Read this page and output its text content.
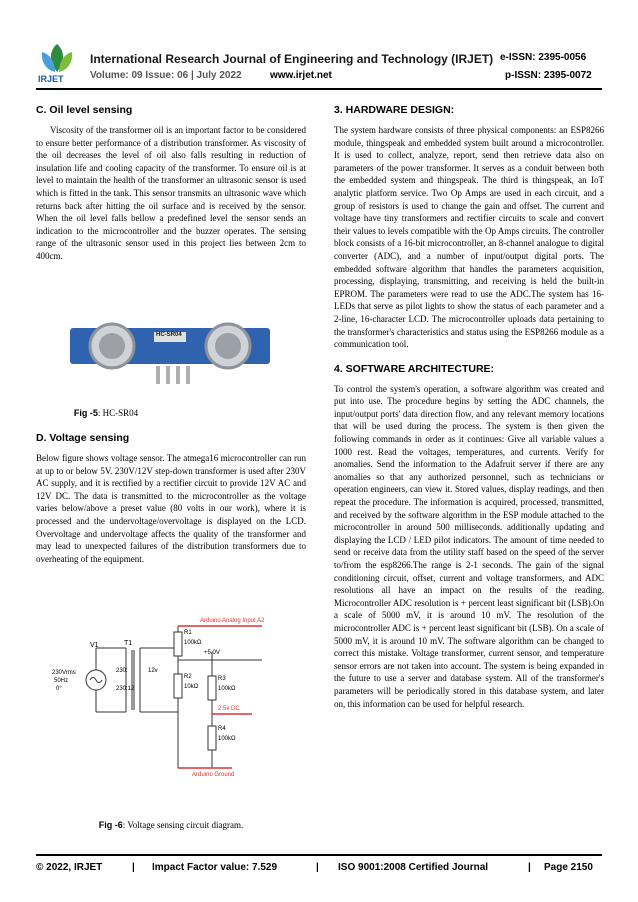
IRJET
International Research Journal of Engineering and Technology (IRJET) e-ISSN: 2395-0056
Volume: 09 Issue: 06 | July 2022	www.irjet.net	p-ISSN: 2395-0072
C. Oil level sensing

Viscosity of the transformer oil is an important factor to be considered to ensure better performance of a distribution transformer. As viscosity of the oil decreases the level of oil also falls resulting in reduction of insulation life and cooling capacity of the transformer. To ensure oil is at level to maintain the health of the transformer an ultrasonic sensor is used which is fitted in the tank. This sensor transmits an ultrasonic wave which returns back after hitting the oil surface and is received by the sensor. When the oil level falls bellow a predefined level the sensor sends an indication to the microcontroller and the buzzer operates. The sensing range of the ultrasonic sensor used in this project lies between 2cm to 400cm.

HC-SR04
Fig -5: HC-SR04
D. Voltage sensing

Below figure shows voltage sensor. The atmega16 microcontroller can run at up to or below 5V. 230V/12V step-down transformer is used after 230V AC supply, and it is rectified by a rectifier circuit to provide 12V AC and 12V DC. The data is transmitted to the microcontroller as the voltage varies below/above a preset value (80 volts in our work), where it is processed and the undervoltage/overvoltage is displayed on the LCD. Overvoltage and undervoltage affects the quality of the transformer and may lead to unexpected failures of the distribution transformers due to overheating of the equipment.

V1	T1
230Vrms
50Hz
0°
230:
230:12
12v
R1
100kΩ
R2
10kΩ
+5.0V
R3
100kΩ
2.5v DC
R4
100kΩ
Arduino Analog Input A2
Arduino Ground
Fig -6: Voltage sensing circuit diagram.
3. HARDWARE DESIGN:

The system hardware consists of three physical components: an ESP8266 module, thingspeak and embedded system built around a microcontroller. It is used to collect, analyze, report, send then retrieve data also on parameters of the power transformer. It serves as a conduit between both the embedded system and thingspeak. The third is thingspeak, an IoT analytic platform service. Two Op Amps are used in each circuit, and a group of resistors is used to change the gain and offset. The current and voltage have tiny transformers and rectifier circuits to scale and convert their values to levels compatible with the Op Amps circuits. The controller block consists of a 16-bit microcontroller, an 8-channel analogue to digital converter (ADC), and a number of input/output digital ports. The embedded software algorithm that handles the parameters acquisition, processing, displaying, transmitting, and receiving is held the built-in EPROM. The parameters were read to use the ADC.The system has 16-LEDs that serve as pilot lights to show the status of each parameter and a 2-line, 16-character LCD. The microcontroller uploads data pertaining to the transformer's characteristics and status using the ESP8266 module as a communication tool.

4. SOFTWARE ARCHITECTURE:

To control the system's operation, a software algorithm was created and put into use. The procedure begins by setting the ADC channels, the input/output ports' data direction flow, and any relevant memory locations that will be used during the process. The system is then given the following commands in order as it continues: Give all variable values a 1000 rest. Read the voltages, temperatures, and currents. Verify for anomalies. Send the information to the Adafruit server if there are any anomalies so that any authorized personnel, such as technicians or operation engineers, can view it. Stored values, display readings, and then repeat the procedure. The information is acquired, processed, transmitted, and received by the software algorithm in the ESP module attached to the microcontroller in around 500 milliseconds. additionally updating and displaying the LCD / LED pilot indicators. The amount of time needed to send or receive data from the utility staff based on the speed of the server to/from the esp8266.The range is 2-1 seconds. The gain of the signal conditioning circuit, offset, current and voltage transformers, and ADC resolutions all have an impact on the results of the reading. Microcontroller ADC resolution is + percent least significant bit (LSB).On a scale of 5000 mV, it is around 10 mV. The resolution of the microcontroller ADC is + percent least significant bit (LSB). On a scale of 5000 mV, it is around 10 mV. The software algorithm can be changed to correct this mistake. Voltage transformer, current sensor, and temperature sensor errors are not taken into account. The system is being expanded in the future to use a server and database system. All of the transformer's parameters will be periodically stored in this database system, and later on, this information can be used for helpful research.

© 2022, IRJET	| Impact Factor value: 7.529	| ISO 9001:2008 Certified Journal	| Page 2150
